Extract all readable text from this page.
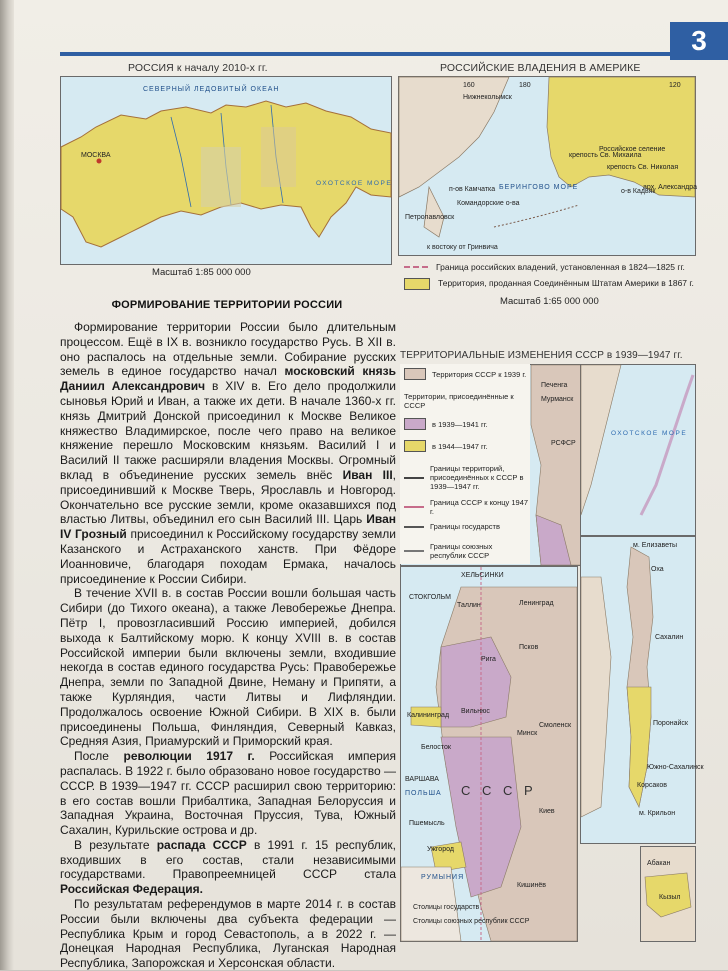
3
РОССИЯ к началу 2010-х гг.
МОСКВА
СЕВЕРНЫЙ ЛЕДОВИТЫЙ ОКЕАН
ОХОТСКОЕ МОРЕ
Масштаб 1:85 000 000
РОССИЙСКИЕ ВЛАДЕНИЯ В АМЕРИКЕ
Нижнеколымск
крепость Св. Михаила
Российское селение
крепость Св. Николая
арх. Александра
о-в Кадьяк
п-ов Камчатка БЕРИНГОВО МОРЕ
Командорские о-ва
Петропавловск
к востоку от Гринвича
160	180	120
Граница российских владений, установленная в 1824—1825 гг.
Территория, проданная Соединённым Штатам Америки в 1867 г.
Масштаб 1:65 000 000
ФОРМИРОВАНИЕ ТЕРРИТОРИИ РОССИИ

Формирование территории России было длительным процессом. Ещё в IX в. возникло государство Русь. В XII в. оно распалось на отдельные земли. Собирание русских земель в единое государство начал московский князь Даниил Александрович в XIV в. Его дело продолжили сыновья Юрий и Иван, а также их дети. В начале 1360-х гг. князь Дмитрий Донской присоединил к Москве Великое княжество Владимирское, после чего право на великое княжение перешло Московским князьям. Василий I и Василий II также расширяли владения Москвы. Огромный вклад в объединение русских земель внёс Иван III, присоединивший к Москве Тверь, Ярославль и Новгород. Окончательно все русские земли, кроме оказавшихся под властью Литвы, объединил его сын Василий III. Царь Иван IV Грозный присоединил к Российскому государству земли Казанского и Астраханского ханств. При Фёдоре Иоанновиче, благодаря походам Ермака, началось присоединение к России Сибири.

В течение XVII в. в состав России вошли большая часть Сибири (до Тихого океана), а также Левобережье Днепра. Пётр I, провозгласивший Россию империей, добился выхода к Балтийскому морю. К концу XVIII в. в состав Российской империи были включены земли, входившие некогда в состав единого государства Русь: Правобережье Днепра, земли по Западной Двине, Неману и Припяти, а также Курляндия, части Литвы и Лифляндии. Продолжалось освоение Южной Сибири. В XIX в. были присоединены Польша, Финляндия, Северный Кавказ, Средняя Азия, Приамурский и Приморский края.

После революции 1917 г. Российская империя распалась. В 1922 г. было образовано новое государство — СССР. В 1939—1947 гг. СССР расширил свою территорию: в его состав вошли Прибалтика, Западная Белоруссия и Западная Украина, Восточная Пруссия, Тува, Южный Сахалин, Курильские острова и др.

В результате распада СССР в 1991 г. 15 республик, входивших в его состав, стали независимыми государствами. Правопреемницей СССР стала Российская Федерация.

По результатам референдумов в марте 2014 г. в состав России были включены два субъекта федерации — Республика Крым и город Севастополь, а в 2022 г. — Донецкая Народная Республика, Луганская Народная Республика, Запорожская и Херсонская области.

ТЕРРИТОРИАЛЬНЫЕ ИЗМЕНЕНИЯ СССР в 1939—1947 гг.
Печенга
Мурманск
РСФСР
Территория СССР к 1939 г.
Территории, присоединённые к СССР
в 1939—1941 гг.
в 1944—1947 гг.
Границы территорий, присоединённых к СССР в 1939—1947 гг.
Граница СССР к концу 1947 г.
Границы государств
Границы союзных республик СССР
ОХОТСКОЕ МОРЕ
ХЕЛЬСИНКИ
СТОКГОЛЬМ
Таллин	Ленинград
Псков
Рига
Калининград
Вильнюс
Смоленск
Минск
Белосток
ВАРШАВА
ПОЛЬША С С С Р
Пшемысль
Киев
Ужгород
РУМЫНИЯ
Кишинёв
Столицы государств
Столицы союзных республик СССР
м. Елизаветы
Оха
Сахалин
Поронайск
Южно-Сахалинск
Корсаков
м. Крильон
Абакан
Кызыл
